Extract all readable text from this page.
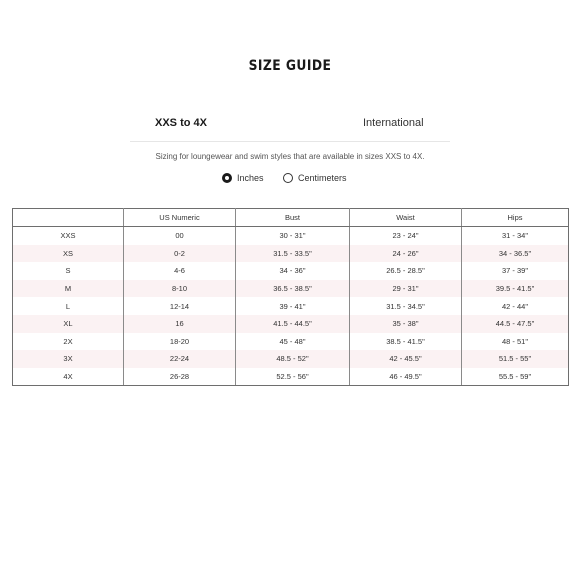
SIZE GUIDE
XXS to 4X	International
Sizing for loungewear and swim styles that are available in sizes XXS to 4X.
Inches	Centimeters
	US Numeric	Bust	Waist	Hips
XXS	00	30 - 31"	23 - 24"	31 - 34"
XS	0-2	31.5 - 33.5"	24 - 26"	34 - 36.5"
S	4-6	34 - 36"	26.5 - 28.5"	37 - 39"
M	8-10	36.5 - 38.5"	29 - 31"	39.5 - 41.5"
L	12-14	39 - 41"	31.5 - 34.5"	42 - 44"
XL	16	41.5 - 44.5"	35 - 38"	44.5 - 47.5"
2X	18-20	45 - 48"	38.5 - 41.5"	48 - 51"
3X	22-24	48.5 - 52"	42 - 45.5"	51.5 - 55"
4X	26-28	52.5 - 56"	46 - 49.5"	55.5 - 59"
